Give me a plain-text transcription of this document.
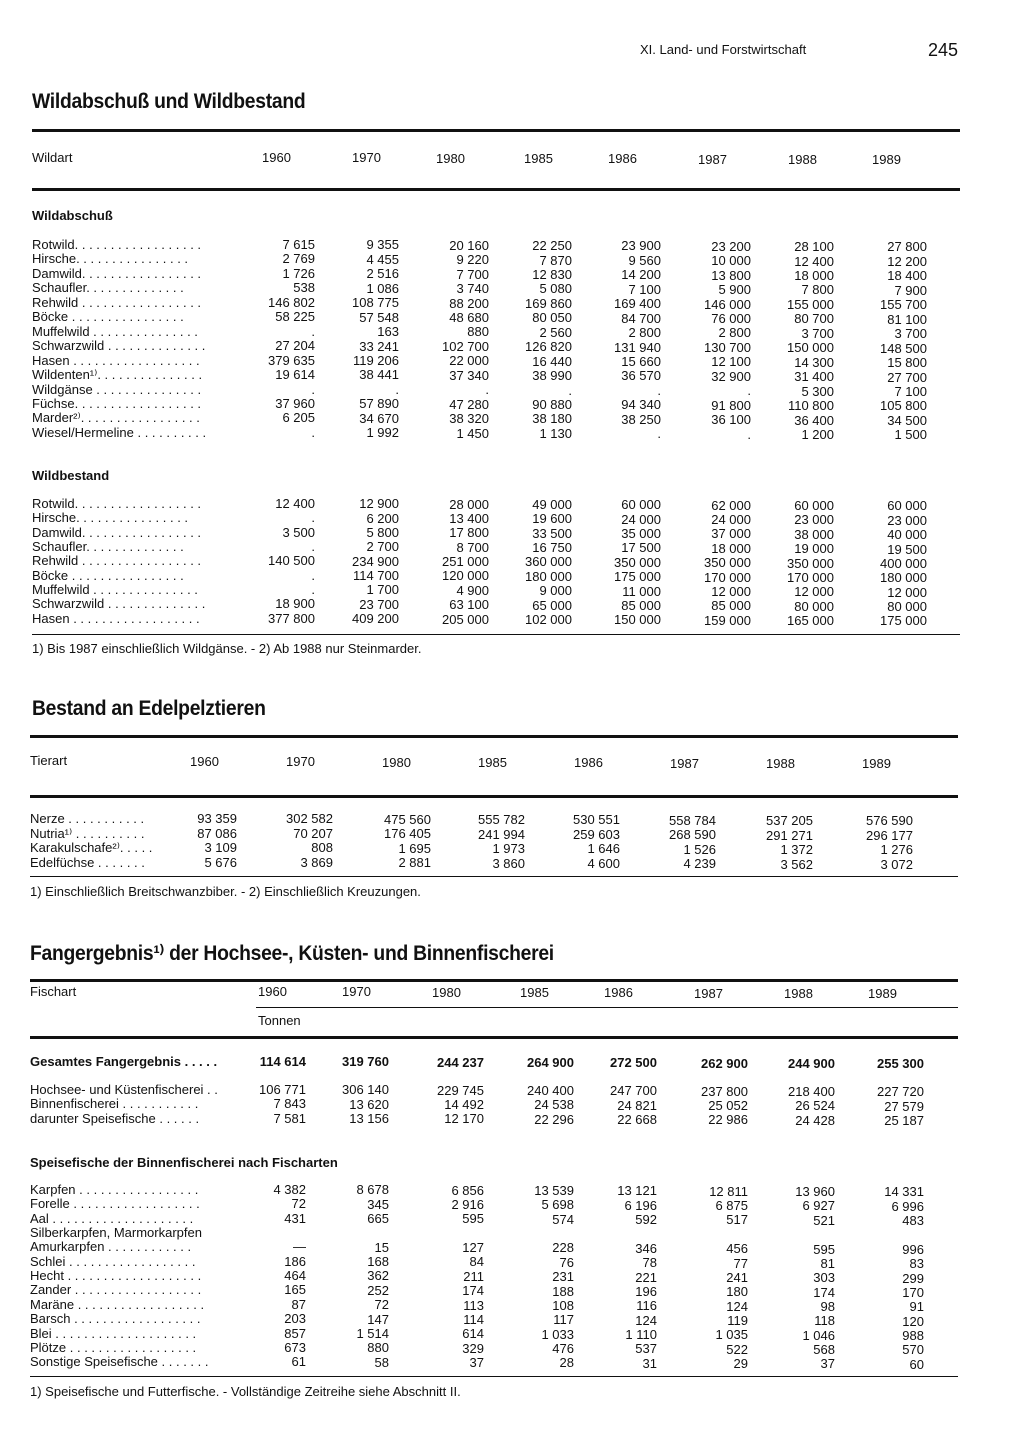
XI. Land- und Forstwirtschaft	245
Wildabschuß und Wildbestand
Wildart	1960	1970	1980	1985	1986	1987	1988	1989
Wildabschuß
Rotwild. . . . . . . . . . . . . . . . . .	7 615	9 355	20 160	22 250	23 900	23 200	28 100	27 800
Hirsche. . . . . . . . . . . . . . . .	2 769	4 455	9 220	7 870	9 560	10 000	12 400	12 200
Damwild. . . . . . . . . . . . . . . . .	1 726	2 516	7 700	12 830	14 200	13 800	18 000	18 400
Schaufler. . . . . . . . . . . . . .	538	1 086	3 740	5 080	7 100	5 900	7 800	7 900
Rehwild . . . . . . . . . . . . . . . . .	146 802	108 775	88 200	169 860	169 400	146 000	155 000	155 700
Böcke . . . . . . . . . . . . . . . .	58 225	57 548	48 680	80 050	84 700	76 000	80 700	81 100
Muffelwild . . . . . . . . . . . . . . .	.	163	880	2 560	2 800	2 800	3 700	3 700
Schwarzwild . . . . . . . . . . . . . .	27 204	33 241	102 700	126 820	131 940	130 700	150 000	148 500
Hasen . . . . . . . . . . . . . . . . . .	379 635	119 206	22 000	16 440	15 660	12 100	14 300	15 800
Wildenten¹⁾. . . . . . . . . . . . . . .	19 614	38 441	37 340	38 990	36 570	32 900	31 400	27 700
Wildgänse . . . . . . . . . . . . . . .	.	.	.	.	.	.	5 300	7 100
Füchse. . . . . . . . . . . . . . . . . .	37 960	57 890	47 280	90 880	94 340	91 800	110 800	105 800
Marder²⁾. . . . . . . . . . . . . . . . .	6 205	34 670	38 320	38 180	38 250	36 100	36 400	34 500
Wiesel/Hermeline . . . . . . . . . .	.	1 992	1 450	1 130	.	.	1 200	1 500
Wildbestand
Rotwild. . . . . . . . . . . . . . . . . .	12 400	12 900	28 000	49 000	60 000	62 000	60 000	60 000
Hirsche. . . . . . . . . . . . . . . .	.	6 200	13 400	19 600	24 000	24 000	23 000	23 000
Damwild. . . . . . . . . . . . . . . . .	3 500	5 800	17 800	33 500	35 000	37 000	38 000	40 000
Schaufler. . . . . . . . . . . . . .	.	2 700	8 700	16 750	17 500	18 000	19 000	19 500
Rehwild . . . . . . . . . . . . . . . . .	140 500	234 900	251 000	360 000	350 000	350 000	350 000	400 000
Böcke . . . . . . . . . . . . . . . .	.	114 700	120 000	180 000	175 000	170 000	170 000	180 000
Muffelwild . . . . . . . . . . . . . . .	.	1 700	4 900	9 000	11 000	12 000	12 000	12 000
Schwarzwild . . . . . . . . . . . . . .	18 900	23 700	63 100	65 000	85 000	85 000	80 000	80 000
Hasen . . . . . . . . . . . . . . . . . .	377 800	409 200	205 000	102 000	150 000	159 000	165 000	175 000
1) Bis 1987 einschließlich Wildgänse. - 2) Ab 1988 nur Steinmarder.
Bestand an Edelpelztieren
Tierart	1960	1970	1980	1985	1986	1987	1988	1989
Nerze . . . . . . . . . . .	93 359	302 582	475 560	555 782	530 551	558 784	537 205	576 590
Nutria¹⁾ . . . . . . . . . .	87 086	70 207	176 405	241 994	259 603	268 590	291 271	296 177
Karakulschafe²⁾. . . . .	3 109	808	1 695	1 973	1 646	1 526	1 372	1 276
Edelfüchse . . . . . . .	5 676	3 869	2 881	3 860	4 600	4 239	3 562	3 072
1) Einschließlich Breitschwanzbiber. - 2) Einschließlich Kreuzungen.
Fangergebnis¹⁾ der Hochsee-, Küsten- und Binnenfischerei
Fischart	1960	1970	1980	1985	1986	1987	1988	1989
Tonnen
Gesamtes Fangergebnis . . . . .	114 614	319 760	244 237	264 900	272 500	262 900	244 900	255 300
Hochsee- und Küstenfischerei . .	106 771	306 140	229 745	240 400	247 700	237 800	218 400	227 720
Binnenfischerei . . . . . . . . . . .	7 843	13 620	14 492	24 538	24 821	25 052	26 524	27 579
darunter Speisefische . . . . . .	7 581	13 156	12 170	22 296	22 668	22 986	24 428	25 187
Speisefische der Binnenfischerei nach Fischarten
Karpfen . . . . . . . . . . . . . . . . .	4 382	8 678	6 856	13 539	13 121	12 811	13 960	14 331
Forelle . . . . . . . . . . . . . . . . . .	72	345	2 916	5 698	6 196	6 875	6 927	6 996
Aal . . . . . . . . . . . . . . . . . . . .	431	665	595	574	592	517	521	483
Silberkarpfen, Marmorkarpfen
Amurkarpfen . . . . . . . . . . . .	—	15	127	228	346	456	595	996
Schlei . . . . . . . . . . . . . . . . . .	186	168	84	76	78	77	81	83
Hecht . . . . . . . . . . . . . . . . . . .	464	362	211	231	221	241	303	299
Zander . . . . . . . . . . . . . . . . . .	165	252	174	188	196	180	174	170
Maräne . . . . . . . . . . . . . . . . . .	87	72	113	108	116	124	98	91
Barsch . . . . . . . . . . . . . . . . . .	203	147	114	117	124	119	118	120
Blei . . . . . . . . . . . . . . . . . . . .	857	1 514	614	1 033	1 110	1 035	1 046	988
Plötze . . . . . . . . . . . . . . . . . .	673	880	329	476	537	522	568	570
Sonstige Speisefische . . . . . . .	61	58	37	28	31	29	37	60
1) Speisefische und Futterfische. - Vollständige Zeitreihe siehe Abschnitt II.
